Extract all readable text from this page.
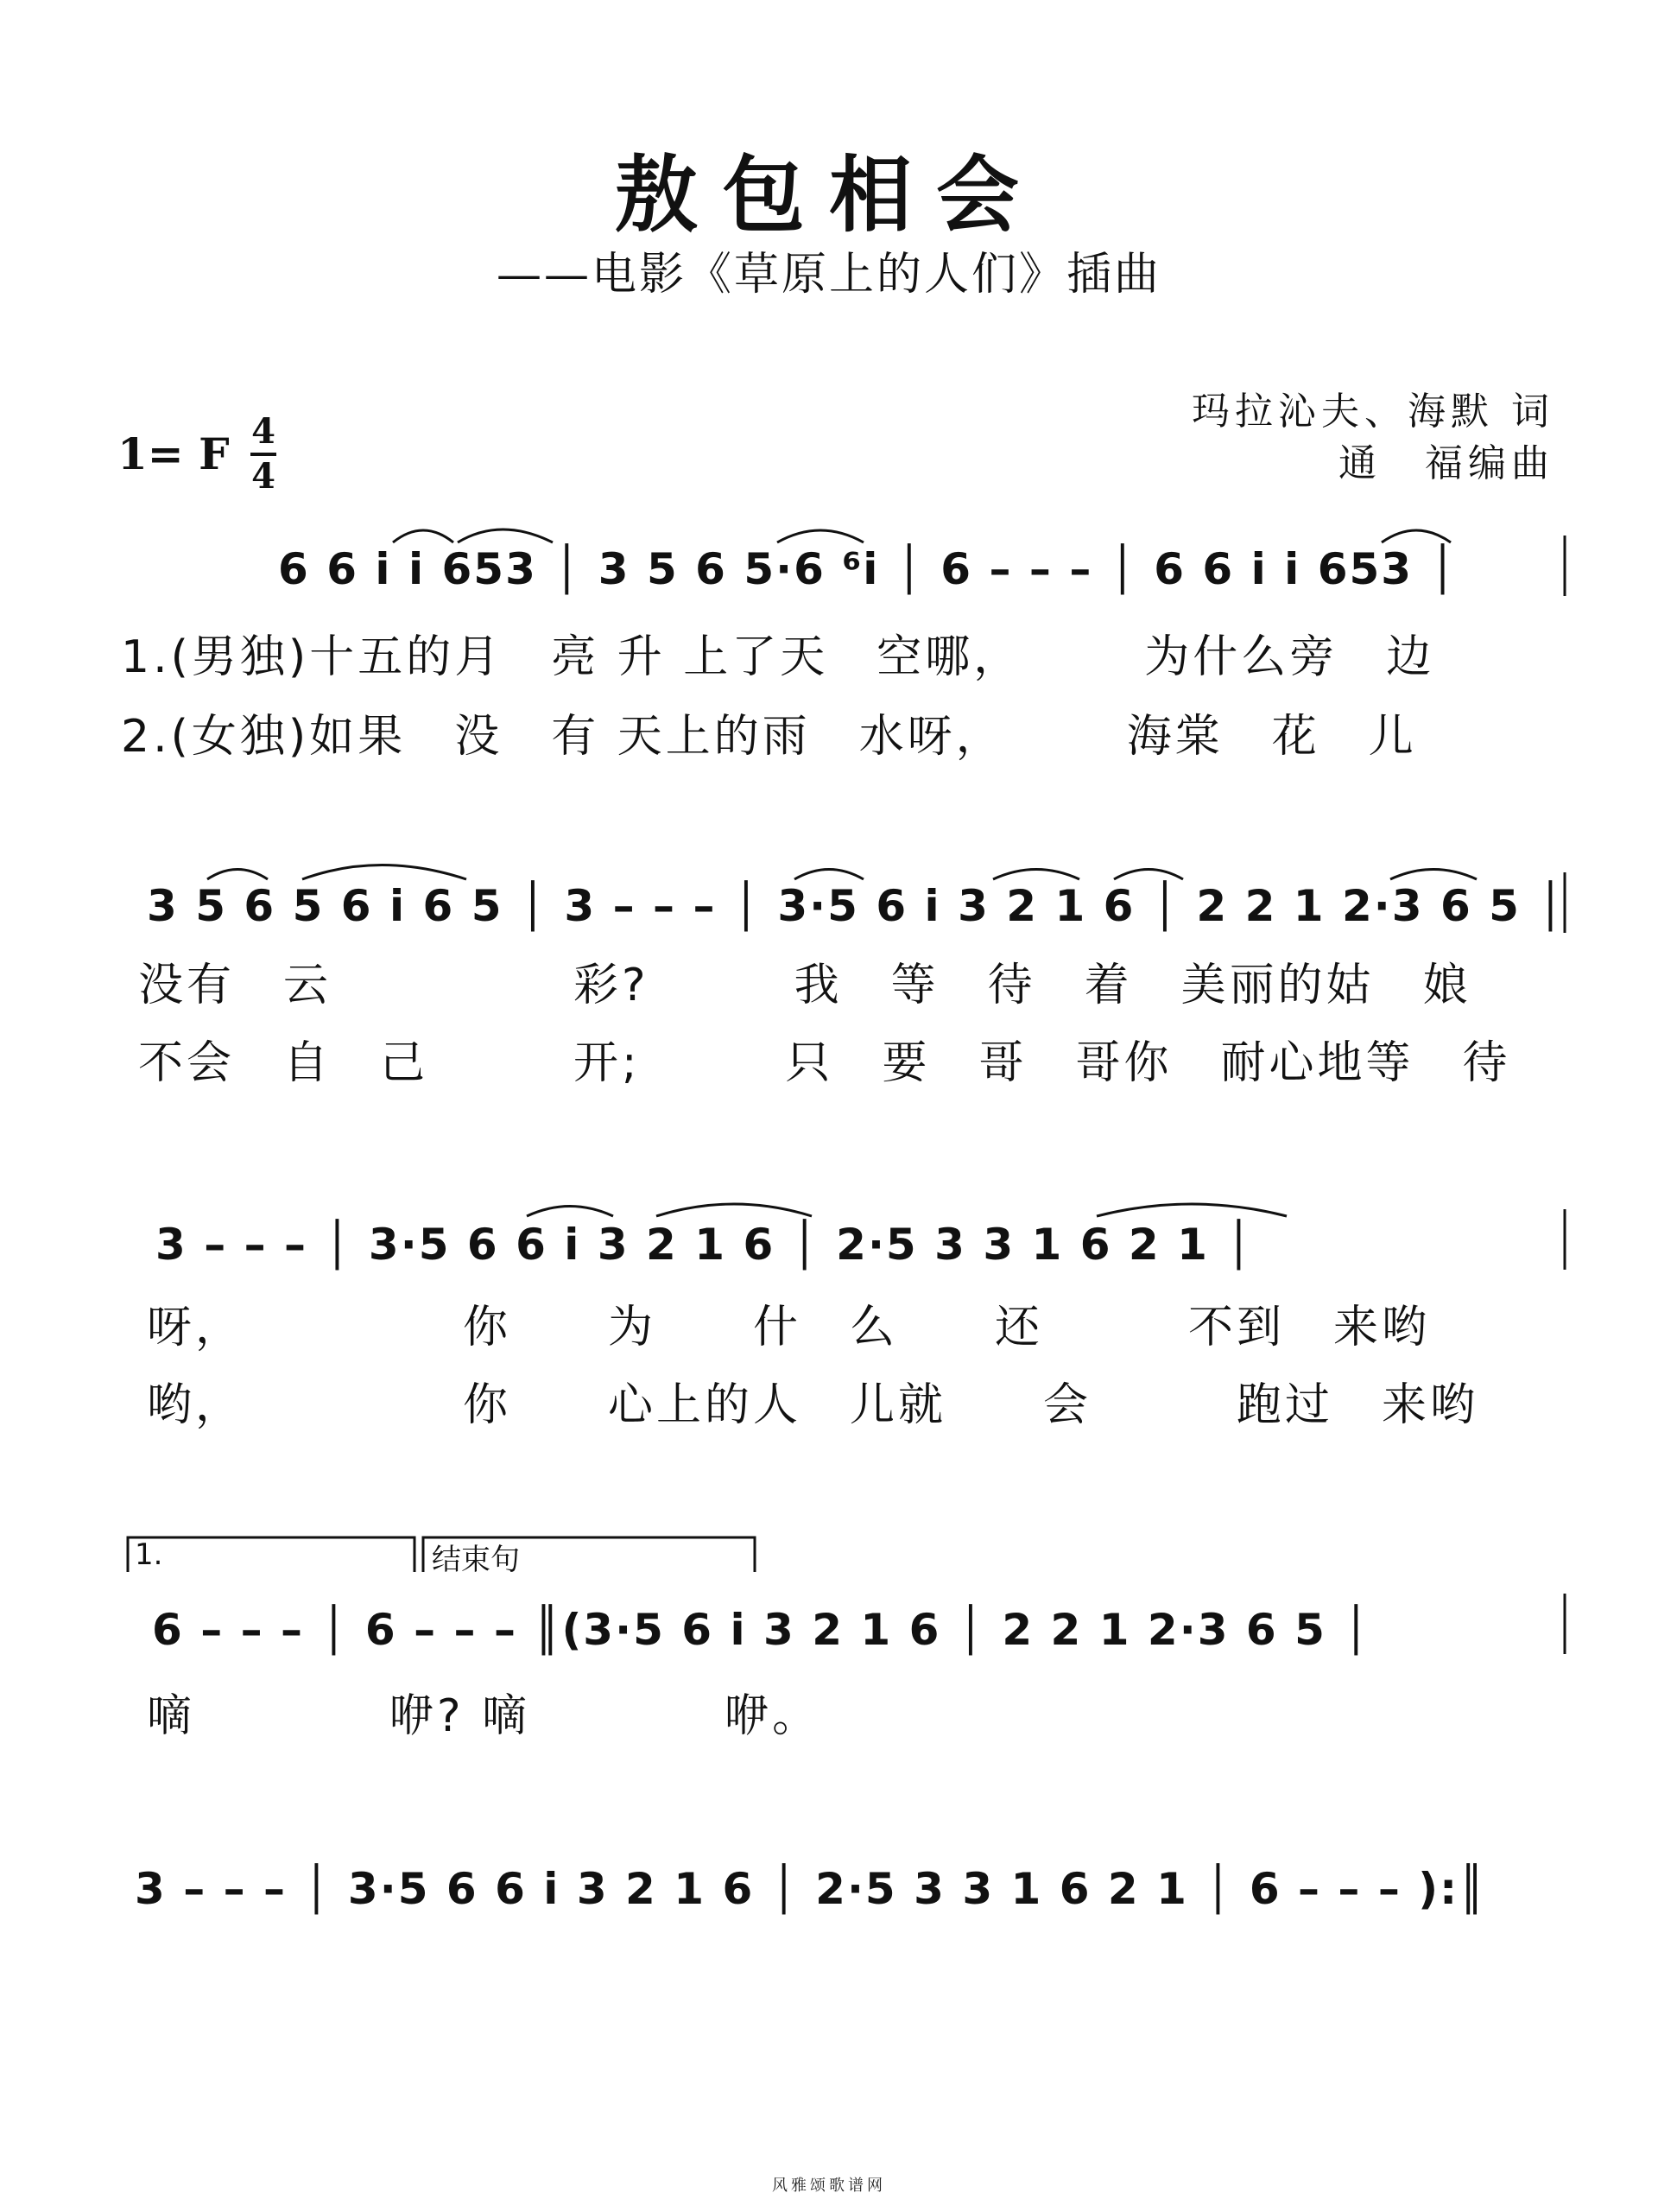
敖包相会
——电影《草原上的人们》插曲
玛拉沁夫、海默 词
通　福编曲
1= F 4
4
6 6 i i 653 │ 3 5 6 5·6 ⁶i │ 6 – – – │ 6 6 i i 653 │
1.(男独)十五的月　亮 升 上了天　空哪，　　　为什么旁　边
2.(女独)如果　没　有 天上的雨　水呀，　　　海棠　花　儿
3 5 6 5 6 i 6 5 │ 3 – – – │ 3·5 6 i 3 2 1 6 │ 2 2 1 2·3 6 5 │
没有　云　　　　　彩?　　　我　等　待　着　美丽的姑　娘
不会　自　己　　　开;　　　只　要　哥　哥你　耐心地等　待
3 – – – │ 3·5 6 6 i 3 2 1 6 │ 2·5 3 3 1 6 2 1 │
呀，　　　　　你　　为　　什　么　　还　　　不到　来哟
哟，　　　　　你　　心上的人　儿就　　会　　　跑过　来哟
1.	结束句
6 – – – │ 6 – – – ║(3·5 6 i 3 2 1 6 │ 2 2 1 2·3 6 5 │
嘀　　　　咿? 嘀　　　　咿。
3 – – – │ 3·5 6 6 i 3 2 1 6 │ 2·5 3 3 1 6 2 1 │ 6 – – – ):║
风雅颂歌谱网
